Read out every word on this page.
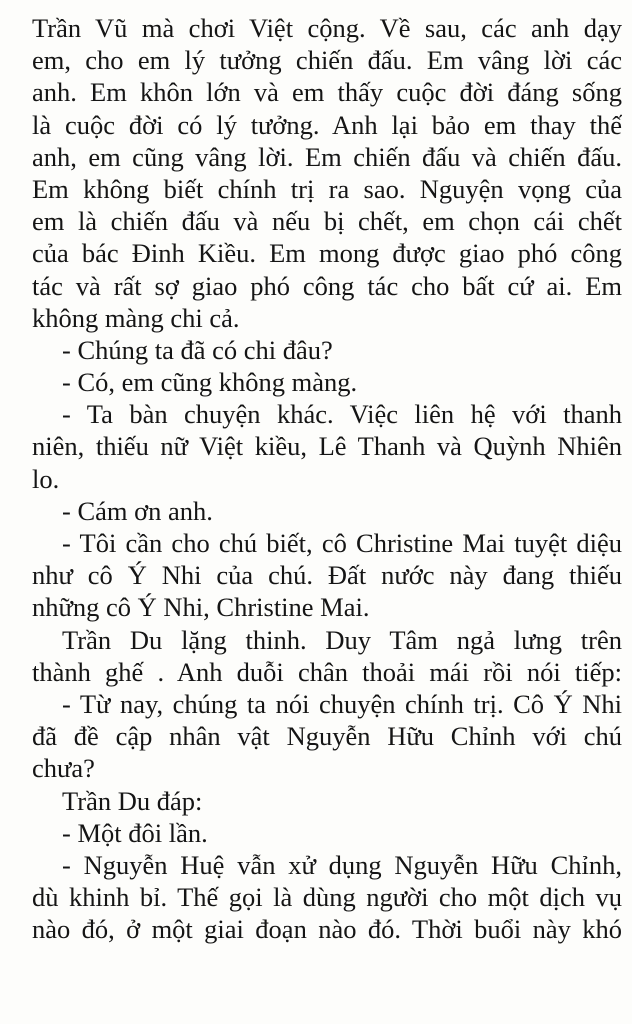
Trần Vũ mà chơi Việt cộng. Về sau, các anh dạy
em, cho em lý tưởng chiến đấu. Em vâng lời các
anh. Em khôn lớn và em thấy cuộc đời đáng sống
là cuộc đời có lý tưởng. Anh lại bảo em thay thế
anh, em cũng vâng lời. Em chiến đấu và chiến đấu.
Em không biết chính trị ra sao. Nguyện vọng của
em là chiến đấu và nếu bị chết, em chọn cái chết
của bác Đinh Kiều. Em mong được giao phó công
tác và rất sợ giao phó công tác cho bất cứ ai. Em
không màng chi cả.
- Chúng ta đã có chi đâu?
- Có, em cũng không màng.
- Ta bàn chuyện khác. Việc liên hệ với thanh
niên, thiếu nữ Việt kiều, Lê Thanh và Quỳnh Nhiên
lo.
- Cám ơn anh.
- Tôi cần cho chú biết, cô Christine Mai tuyệt diệu
như cô Ý Nhi của chú. Đất nước này đang thiếu
những cô Ý Nhi, Christine Mai.
Trần Du lặng thinh. Duy Tâm ngả lưng trên
thành ghế . Anh duỗi chân thoải mái rồi nói tiếp:
- Từ nay, chúng ta nói chuyện chính trị. Cô Ý Nhi
đã đề cập nhân vật Nguyễn Hữu Chỉnh với chú
chưa?
Trần Du đáp:
- Một đôi lần.
- Nguyễn Huệ vẫn xử dụng Nguyễn Hữu Chỉnh,
dù khinh bỉ. Thế gọi là dùng người cho một dịch vụ
nào đó, ở một giai đoạn nào đó. Thời buổi này khó
